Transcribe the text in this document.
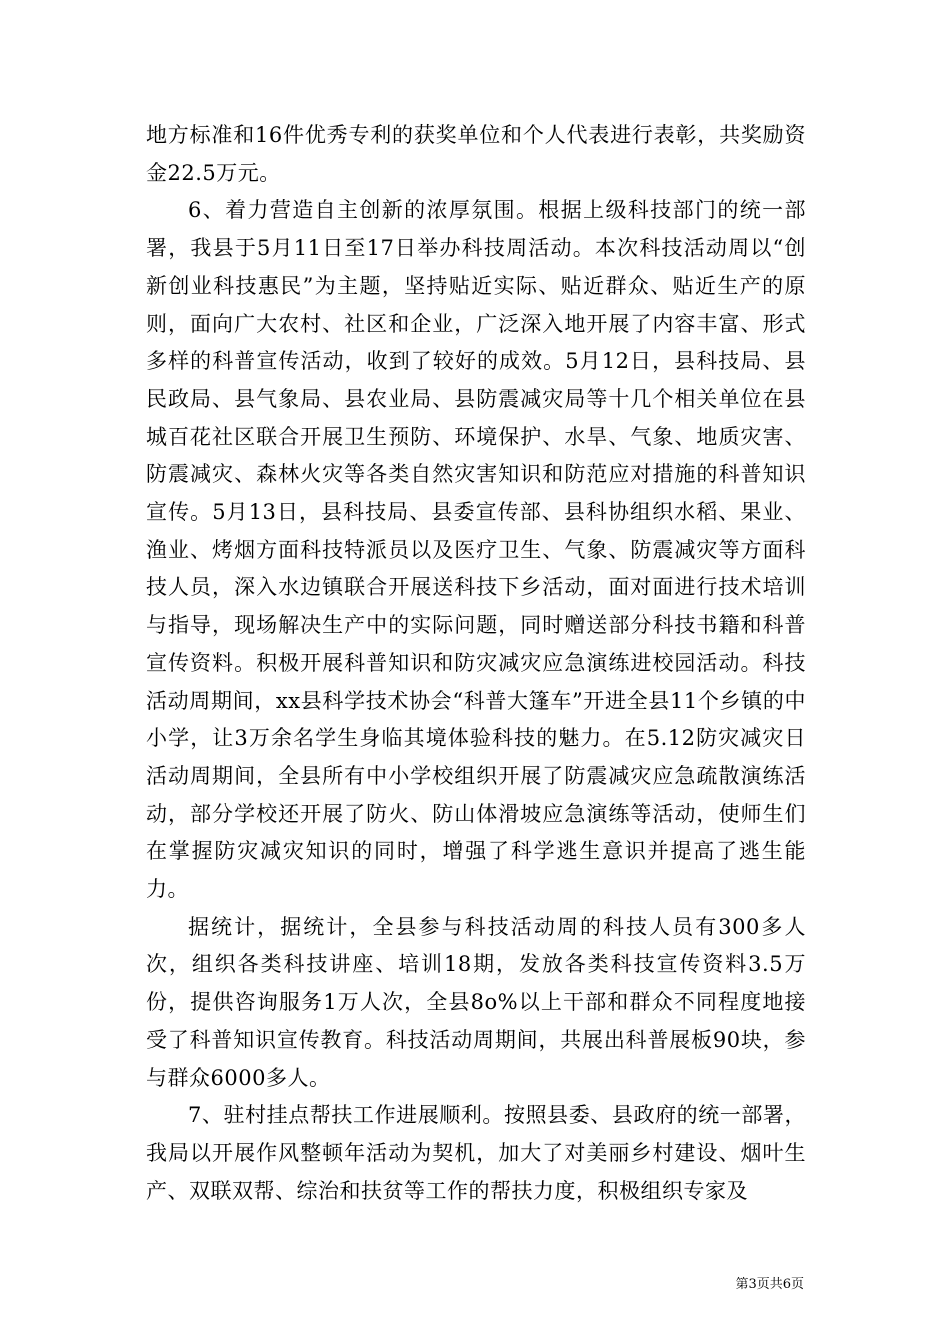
地方标准和16件优秀专利的获奖单位和个人代表进行表彰，共奖励资金22.5万元。

6、着力营造自主创新的浓厚氛围。根据上级科技部门的统一部署，我县于5月11日至17日举办科技周活动。本次科技活动周以“创新创业科技惠民”为主题，坚持贴近实际、贴近群众、贴近生产的原则，面向广大农村、社区和企业，广泛深入地开展了内容丰富、形式多样的科普宣传活动，收到了较好的成效。5月12日，县科技局、县民政局、县气象局、县农业局、县防震减灾局等十几个相关单位在县城百花社区联合开展卫生预防、环境保护、水旱、气象、地质灾害、防震减灾、森林火灾等各类自然灾害知识和防范应对措施的科普知识宣传。5月13日，县科技局、县委宣传部、县科协组织水稻、果业、渔业、烤烟方面科技特派员以及医疗卫生、气象、防震减灾等方面科技人员，深入水边镇联合开展送科技下乡活动，面对面进行技术培训与指导，现场解决生产中的实际问题，同时赠送部分科技书籍和科普宣传资料。积极开展科普知识和防灾减灾应急演练进校园活动。科技活动周期间，xx县科学技术协会“科普大篷车”开进全县11个乡镇的中小学，让3万余名学生身临其境体验科技的魅力。在5.12防灾减灾日活动周期间，全县所有中小学校组织开展了防震减灾应急疏散演练活动，部分学校还开展了防火、防山体滑坡应急演练等活动，使师生们在掌握防灾减灾知识的同时，增强了科学逃生意识并提高了逃生能力。

据统计，据统计，全县参与科技活动周的科技人员有300多人次，组织各类科技讲座、培训18期，发放各类科技宣传资料3.5万份，提供咨询服务1万人次，全县8o%以上干部和群众不同程度地接受了科普知识宣传教育。科技活动周期间，共展出科普展板90块，参与群众6000多人。

7、驻村挂点帮扶工作进展顺利。按照县委、县政府的统一部署，我局以开展作风整顿年活动为契机，加大了对美丽乡村建设、烟叶生产、双联双帮、综治和扶贫等工作的帮扶力度，积极组织专家及

第3页共6页
